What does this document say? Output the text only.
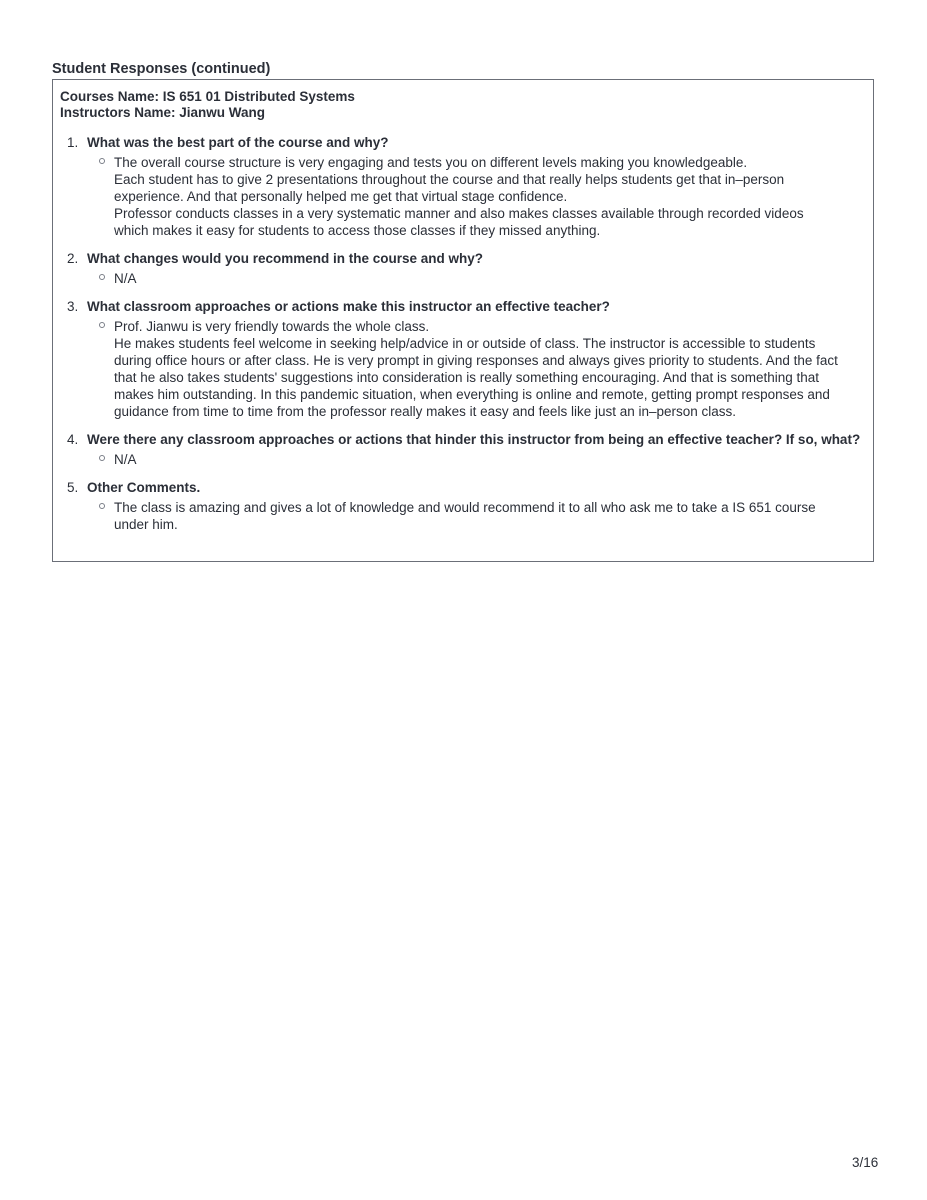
Student Responses (continued)
Courses Name: IS 651 01 Distributed Systems
Instructors Name: Jianwu Wang
1. What was the best part of the course and why?
The overall course structure is very engaging and tests you on different levels making you knowledgeable.
Each student has to give 2 presentations throughout the course and that really helps students get that in–person
experience. And that personally helped me get that virtual stage confidence.
Professor conducts classes in a very systematic manner and also makes classes available through recorded videos
which makes it easy for students to access those classes if they missed anything.
2. What changes would you recommend in the course and why?
N/A
3. What classroom approaches or actions make this instructor an effective teacher?
Prof. Jianwu is very friendly towards the whole class.
He makes students feel welcome in seeking help/advice in or outside of class. The instructor is accessible to students
during office hours or after class. He is very prompt in giving responses and always gives priority to students. And the fact
that he also takes students' suggestions into consideration is really something encouraging. And that is something that
makes him outstanding. In this pandemic situation, when everything is online and remote, getting prompt responses and
guidance from time to time from the professor really makes it easy and feels like just an in–person class.
4. Were there any classroom approaches or actions that hinder this instructor from being an effective teacher? If so, what?
N/A
5. Other Comments.
The class is amazing and gives a lot of knowledge and would recommend it to all who ask me to take a IS 651 course
under him.
3/16
